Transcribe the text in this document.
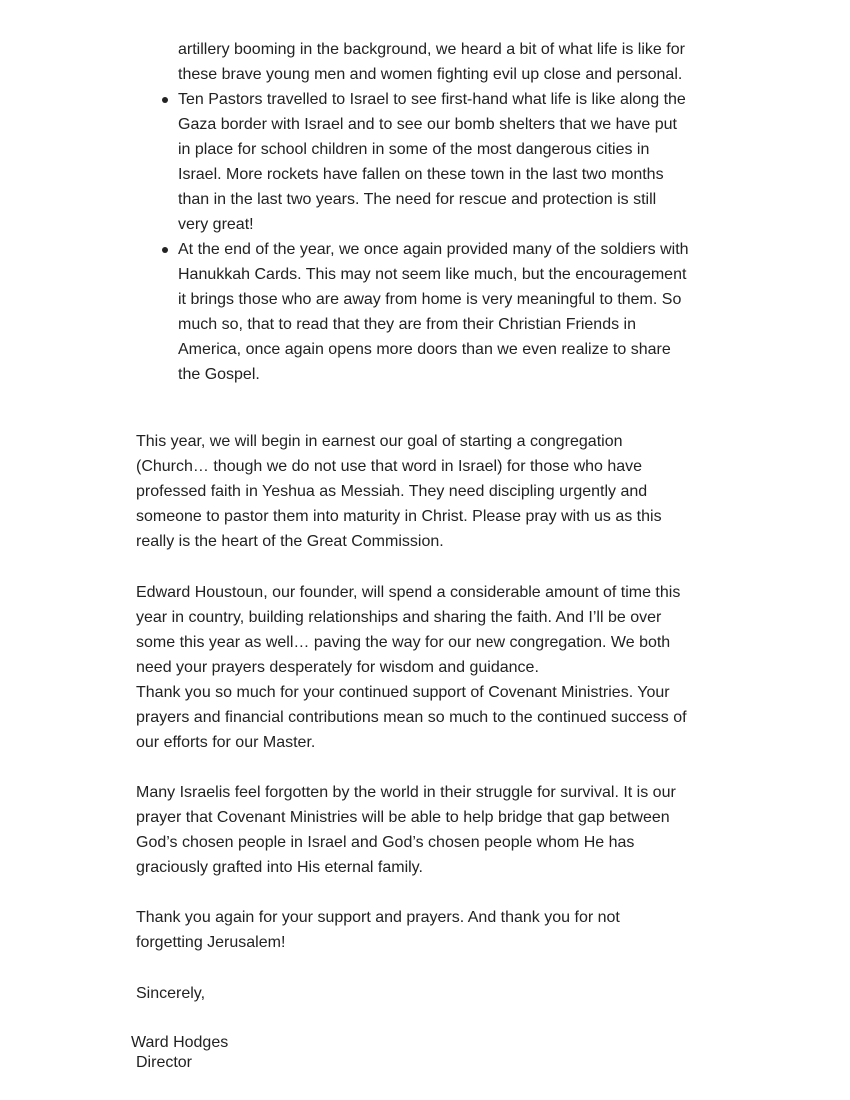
artillery booming in the background, we heard a bit of what life is like for
these brave young men and women fighting evil up close and personal.
Ten Pastors travelled to Israel to see first-hand what life is like along the
Gaza border with Israel and to see our bomb shelters that we have put
in place for school children in some of the most dangerous cities in
Israel. More rockets have fallen on these town in the last two months
than in the last two years. The need for rescue and protection is still
very great!
At the end of the year, we once again provided many of the soldiers with
Hanukkah Cards. This may not seem like much, but the encouragement
it brings those who are away from home is very meaningful to them. So
much so, that to read that they are from their Christian Friends in
America, once again opens more doors than we even realize to share
the Gospel.
This year, we will begin in earnest our goal of starting a congregation
(Church… though we do not use that word in Israel) for those who have
professed faith in Yeshua as Messiah. They need discipling urgently and
someone to pastor them into maturity in Christ. Please pray with us as this
really is the heart of the Great Commission.
Edward Houstoun, our founder, will spend a considerable amount of time this
year in country, building relationships and sharing the faith. And I’ll be over
some this year as well… paving the way for our new congregation. We both
need your prayers desperately for wisdom and guidance.
Thank you so much for your continued support of Covenant Ministries. Your
prayers and financial contributions mean so much to the continued success of
our efforts for our Master.
Many Israelis feel forgotten by the world in their struggle for survival. It is our
prayer that Covenant Ministries will be able to help bridge that gap between
God’s chosen people in Israel and God’s chosen people whom He has
graciously grafted into His eternal family.
Thank you again for your support and prayers. And thank you for not
forgetting Jerusalem!
Sincerely,
Ward Hodges
Director
